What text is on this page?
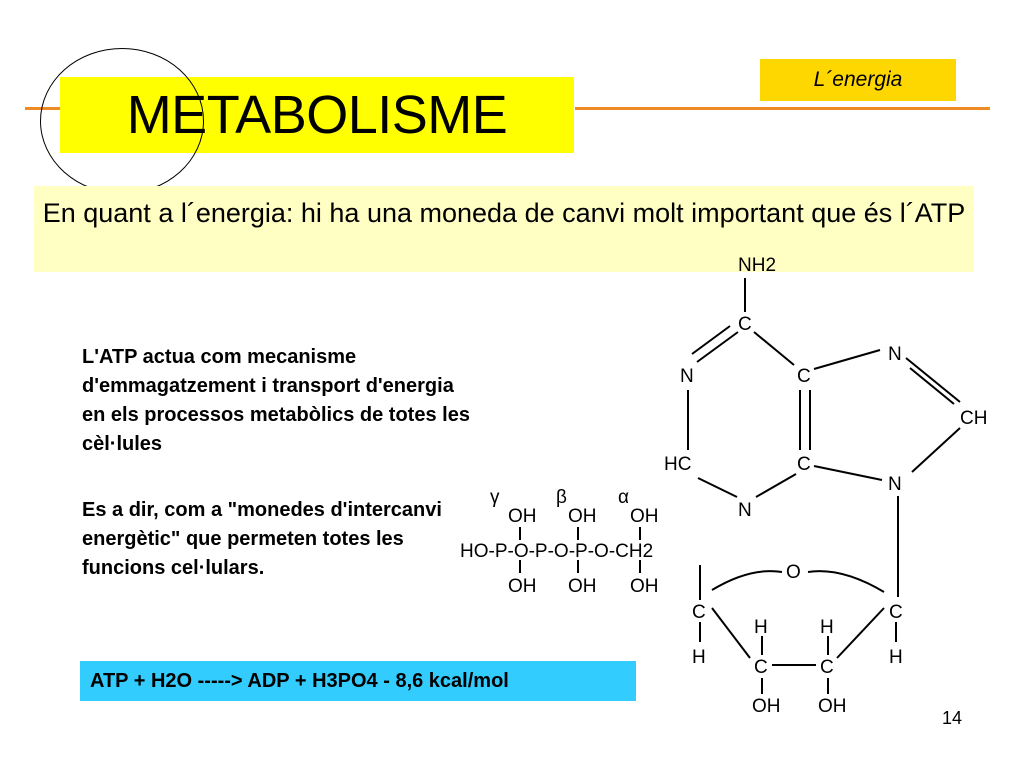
METABOLISME
L´energia
En quant a l´energia: hi ha una moneda de canvi molt important que és l´ATP
L'ATP actua com mecanisme d'emmagatzement i transport d'energia en els processos metabòlics de totes les cèl·lules
Es a dir, com a "monedes d'intercanvi energètic" que permeten totes les funcions cel·lulars.
ATP + H2O -----> ADP + H3PO4 - 8,6 kcal/mol
14
NH2
C
N	C
N
CH
HC	C
N
N
γ	β	α
OH OH OH
HO-P-O-P-O-P-O-CH2
OH OH OH
O
C	C
H	H
H	H
C	C
OH OH
